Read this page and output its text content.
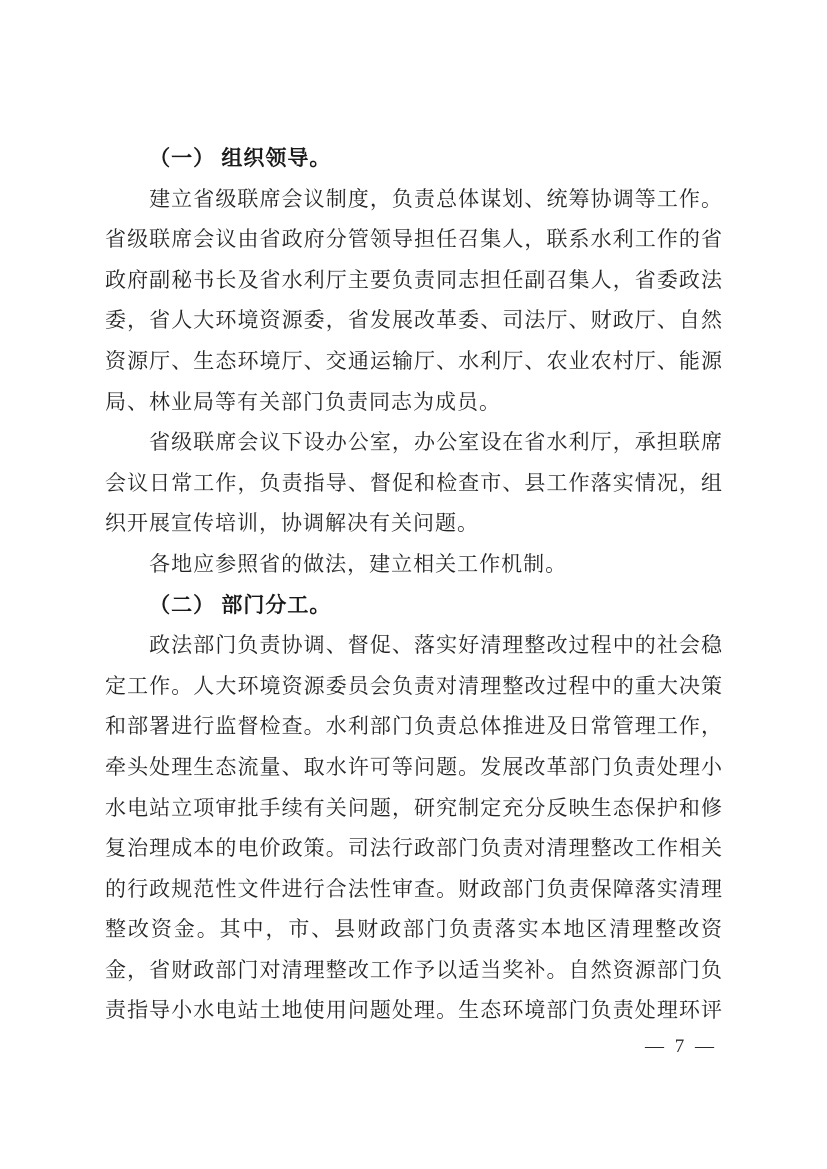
（一） 组织领导。
建立省级联席会议制度，负责总体谋划、统筹协调等工作。
省级联席会议由省政府分管领导担任召集人，联系水利工作的省
政府副秘书长及省水利厅主要负责同志担任副召集人，省委政法
委，省人大环境资源委，省发展改革委、司法厅、财政厅、自然
资源厅、生态环境厅、交通运输厅、水利厅、农业农村厅、能源
局、林业局等有关部门负责同志为成员。
省级联席会议下设办公室，办公室设在省水利厅，承担联席
会议日常工作，负责指导、督促和检查市、县工作落实情况，组
织开展宣传培训，协调解决有关问题。
各地应参照省的做法，建立相关工作机制。
（二） 部门分工。
政法部门负责协调、督促、落实好清理整改过程中的社会稳
定工作。人大环境资源委员会负责对清理整改过程中的重大决策
和部署进行监督检查。水利部门负责总体推进及日常管理工作，
牵头处理生态流量、取水许可等问题。发展改革部门负责处理小
水电站立项审批手续有关问题，研究制定充分反映生态保护和修
复治理成本的电价政策。司法行政部门负责对清理整改工作相关
的行政规范性文件进行合法性审查。财政部门负责保障落实清理
整改资金。其中，市、县财政部门负责落实本地区清理整改资
金，省财政部门对清理整改工作予以适当奖补。自然资源部门负
责指导小水电站土地使用问题处理。生态环境部门负责处理环评
— 7 —
